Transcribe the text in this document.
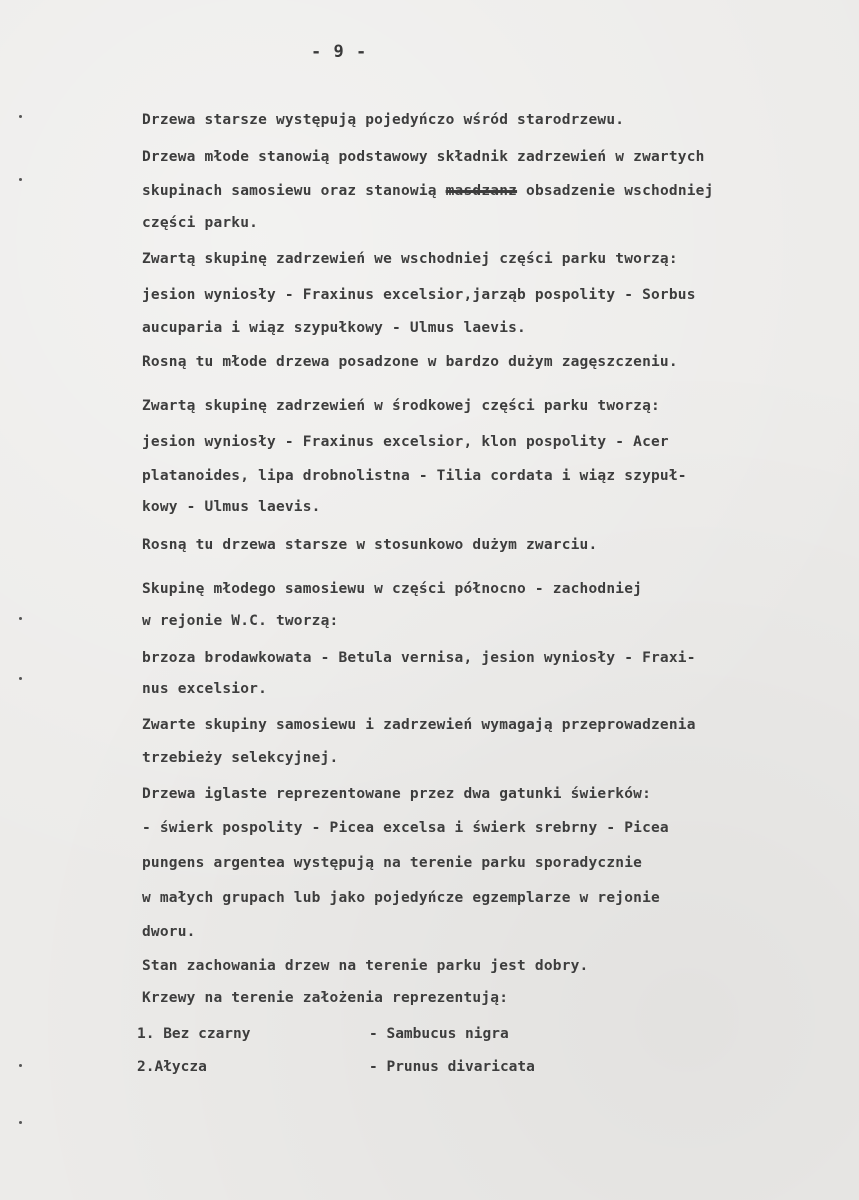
- 9 -
Drzewa starsze występują pojedyńczo wśród starodrzewu.
Drzewa młode stanowią podstawowy składnik zadrzewień w zwartych
skupinach samosiewu oraz stanowią masdzanz obsadzenie wschodniej
części parku.
Zwartą skupinę zadrzewień we wschodniej części parku tworzą:
jesion wyniosły - Fraxinus excelsior,jarząb pospolity - Sorbus
aucuparia i wiąz szypułkowy - Ulmus laevis.
Rosną tu młode drzewa posadzone w bardzo dużym zagęszczeniu.
Zwartą skupinę zadrzewień w środkowej części parku tworzą:
jesion wyniosły - Fraxinus excelsior, klon pospolity - Acer
platanoides, lipa drobnolistna - Tilia cordata i wiąz szypuł-
kowy - Ulmus laevis.
Rosną tu drzewa starsze w stosunkowo dużym zwarciu.
Skupinę młodego samosiewu w części północno - zachodniej
w rejonie W.C. tworzą:
brzoza brodawkowata - Betula vernisa, jesion wyniosły - Fraxi-
nus excelsior.
Zwarte skupiny samosiewu i zadrzewień wymagają przeprowadzenia
trzebieży selekcyjnej.
Drzewa iglaste reprezentowane przez dwa gatunki świerków:
- świerk pospolity - Picea excelsa i świerk srebrny - Picea
pungens argentea występują na terenie parku sporadycznie
w małych grupach lub jako pojedyńcze egzemplarze w rejonie
dworu.
Stan zachowania drzew na terenie parku jest dobry.
Krzewy na terenie założenia reprezentują:
1. Bez czarny	- Sambucus nigra
2.Ałycza	- Prunus divaricata
